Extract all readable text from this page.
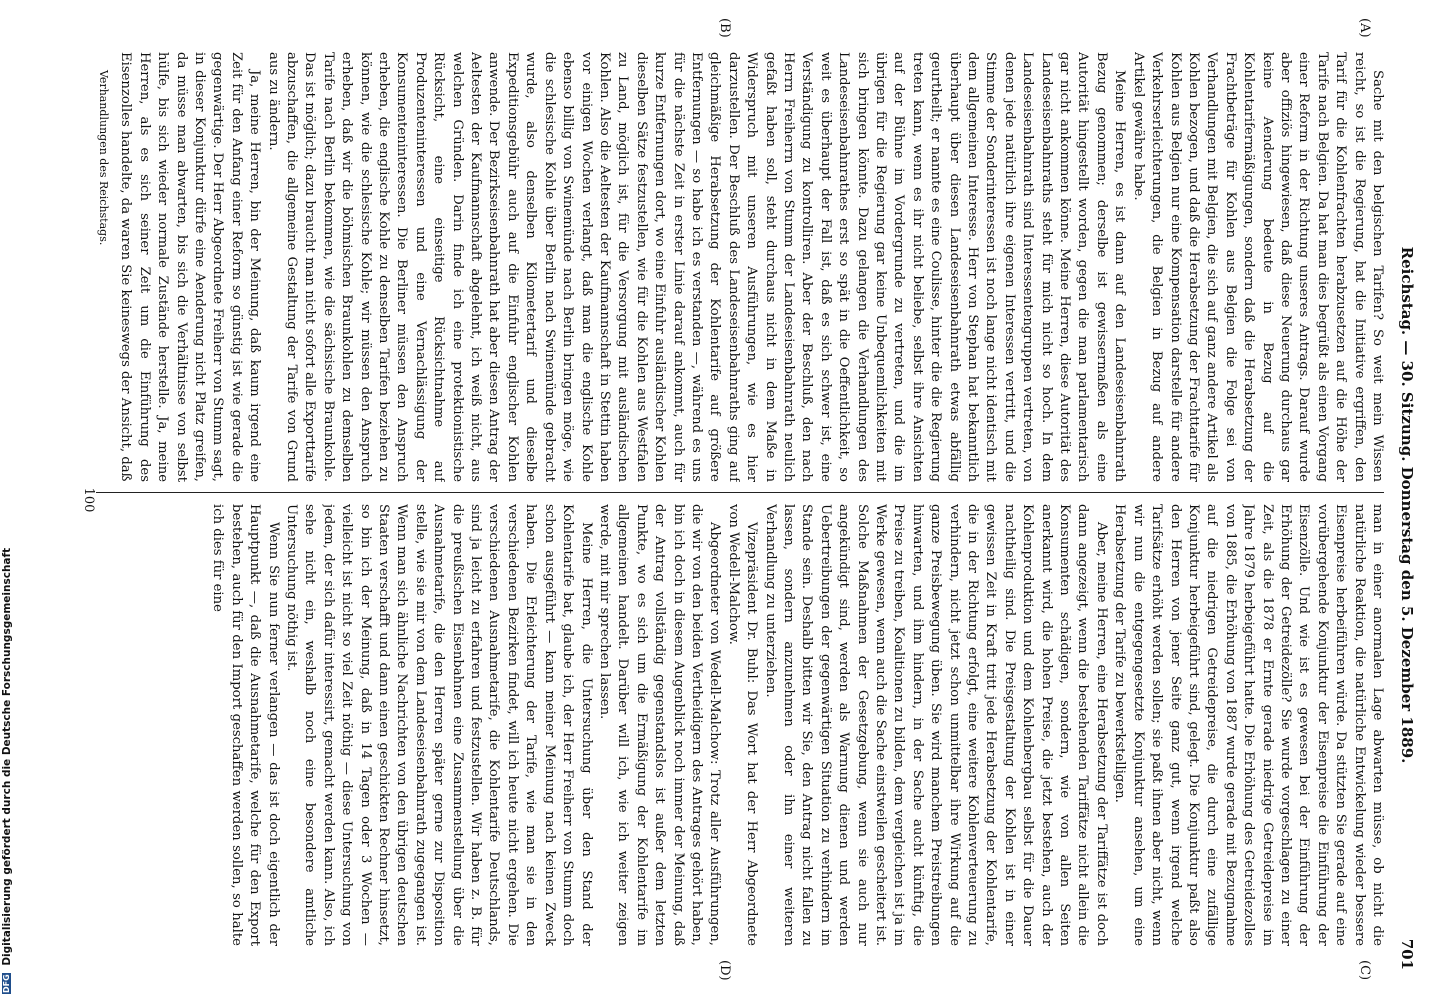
Reichstag. — 30. Sitzung. Donnerstag den 5. Dezember 1889.
701
(A)
(B)
(C)
(D)

Sache mit den belgischen Tarifen? So weit mein Wissen reicht, so ist die Regierung, hat die Initiative ergriffen, den Tarif für die Kohlenfrachten herabzusetzen auf die Höhe der Tarife nach Belgien. Da hat man dies begrüßt als einen Vorgang einer Reform in der Richtung unseres Antrags. Darauf wurde aber offiziös hingewiesen, daß diese Neuerung durchaus gar keine Aenderung bedeute in Bezug auf die Kohlentarifermäßigungen, sondern daß die Herabsetzung der Frachtbeträge für Kohlen aus Belgien die Folge sei von Verhandlungen mit Belgien, die sich auf ganz andere Artikel als Kohlen bezogen, und daß die Herabsetzung der Frachttarife für Kohlen aus Belgien nur eine Kompensation darstelle für andere Verkehrserleichterungen, die Belgien in Bezug auf andere Artikel gewähre habe.

Meine Herren, es ist dann auf den Landeseisenbahnrath Bezug genommen; derselbe ist gewissermaßen als eine Autorität hingestellt worden, gegen die man parlamentarisch gar nicht ankommen könne. Meine Herren, diese Autorität des Landeseisenbahnraths steht für mich nicht so hoch. In dem Landeseisenbahnrath sind Interessentengruppen vertreten, von denen jede natürlich ihre eigenen Interessen vertritt, und die Stimme der Sonderinteressen ist noch lange nicht identisch mit dem allgemeinen Interesse. Herr von Stephan hat bekanntlich überhaupt über diesen Landeseisenbahnrath etwas abfällig geurtheilt; er nannte es eine Coulisse, hinter die die Regierung treten kann, wenn es ihr nicht beliebe, selbst ihre Ansichten auf der Bühne im Vordergrunde zu vertreten, und die im übrigen für die Regierung gar keine Unbequemlichkeiten mit sich bringen könnte. Dazu gelangen die Verhandlungen des Landeseisenbahnrathes erst so spät in die Oeffentlichkeit, so weit es überhaupt der Fall ist, daß es sich schwer ist, eine Verständigung zu kontrolliren. Aber der Beschluß, den nach Herrn Freiherrn von Stumm der Landeseisenbahnrath neulich gefaßt haben soll, steht durchaus nicht in dem Maße in Widerspruch mit unseren Ausführungen, wie es hier darzustellen. Der Beschluß des Landeseisenbahnraths ging auf gleichmäßige Herabsetzung der Kohlentarife auf größere Entfernungen — so habe ich es verstanden —, während es uns für die nächste Zeit in erster Linie darauf ankommt, auch für kurze Entfernungen dort, wo eine Einfuhr ausländischer Kohlen dieselben Sätze festzustellen, wie für die Kohlen aus Westfalen zu Land, möglich ist, für die Versorgung mit ausländischen Kohlen. Also die Aeltesten der Kaufmannschaft in Stettin haben vor einigen Wochen verlangt, daß man die englische Kohle ebenso billig von Swinemünde nach Berlin bringen möge, wie die schlesische Kohle über Berlin nach Swinemünde gebracht wurde, also denselben Kilometertarif und dieselbe Expeditionsgebühr auch auf die Einfuhr englischer Kohlen anwende. Der Bezirkseisenbahnrath hat aber diesen Antrag der Aeltesten der Kaufmannschaft abgelehnt, ich weiß nicht, aus welchen Gründen. Darin finde ich eine protektionistische Rücksicht, eine einseitige Rücksichtnahme auf Produzenteninteressen und eine Vernachlässigung der Konsumenteninteressen. Die Berliner müssen den Anspruch erheben, die englische Kohle zu denselben Tarifen beziehen zu können, wie die schlesische Kohle; wir müssen den Anspruch erheben, daß wir die böhmischen Braunkohlen zu demselben Tarife nach Berlin bekommen, wie die sächsische Braunkohle. Das ist möglich; dazu braucht man nicht sofort alle Exporttarife abzuschaffen, die allgemeine Gestaltung der Tarife von Grund aus zu ändern.

Ja, meine Herren, bin der Meinung, daß kaum irgend eine Zeit für den Anfang einer Reform so günstig ist wie gerade die gegenwärtige. Der Herr Abgeordnete Freiherr von Stumm sagt, in dieser Konjunktur dürfe eine Aenderung nicht Platz greifen, da müsse man abwarten, bis sich die Verhältnisse von selbst hülfe, bis sich wieder normale Zustände herstelle. Ja, meine Herren, als es sich seiner Zeit um die Einführung des Eisenzolles handelte, da waren Sie keineswegs der Ansicht, daß

Verhandlungen des Reichstags.

man in einer anormalen Lage abwarten müsse, ob nicht die natürliche Reaktion, die natürliche Entwickelung wieder bessere Eisenpreise herbeiführen würde. Da stützten Sie gerade auf eine vorübergehende Konjunktur der Eisenpreise die Einführung der Eisenzölle. Und wie ist es gewesen bei der Einführung der Erhöhung der Getreidezölle? Sie wurde vorgeschlagen zu einer Zeit, als die 1878 er Ernte gerade niedrige Getreidepreise im Jahre 1879 herbeigeführt hatte. Die Erhöhung des Getreidezolles von 1885, die Erhöhung von 1887 wurde gerade mit Bezugnahme auf die niedrigen Getreidepreise, die durch eine zufällige Konjunktur herbeigeführt sind, gelegt. Die Konjunktur paßt also den Herren von jener Seite ganz gut, wenn irgend welche Tarifsätze erhöht werden sollen; sie paßt ihnen aber nicht, wenn wir nun die entgegengesetzte Konjunktur ansehen, um eine Herabsetzung der Tarife zu bewerkstelligen.

Aber, meine Herren, eine Herabsetzung der Tariffätze ist doch dann angezeigt, wenn die bestehenden Tariffätze nicht allein die Konsumenten schädigen, sondern, wie von allen Seiten anerkannt wird, die hohen Preise, die jetzt bestehen, auch der Kohlenproduktion und dem Kohlenbergbau selbst für die Dauer nachtheilig sind. Die Preisgestaltung der Kohlen ist in einer gewissen Zeit in Kraft tritt jede Herabsetzung der Kohlentarife, die in der Richtung erfolgt, eine weitere Kohlenverteuerung zu verhindern, nicht jetzt schon unmittelbar ihre Wirkung auf die ganze Preisbewegung üben. Sie wird manchem Preistreibungen hinwarten, und ihm hindern, in der Sache aucht künftig, die Preise zu treiben, Koalitionen zu bilden, dem vergleichen ist ja im Werke gewesen, wenn auch die Sache einstweilen gescheitert ist. Solche Maßnahmen der Gesetzgebung, wenn sie auch nur angekündigt sind, werden als Warnung dienen und werden Uebertreibungen der gegenwärtigen Situation zu verhindern im Stande sein. Deshalb bitten wir Sie, den Antrag nicht fallen zu lassen, sondern anzunehmen oder ihn einer weiteren Verhandlung zu unterziehen.

Vizepräsident Dr. Buhl: Das Wort hat der Herr Abgeordnete von Wedell-Malchow.

Abgeordneter von Wedell-Malchow: Trotz aller Ausführungen, die wir von den beiden Vertheidigern des Antrages gehört haben, bin ich doch in diesem Augenblick noch immer der Meinung, daß der Antrag vollständig gegenstandslos ist außer dem letzten Punkte, wo es sich um die Ermäßigung der Kohlentarife im allgemeinen handelt. Darüber will ich, wie ich weiter zeigen werde, mit mir sprechen lassen.

Meine Herren, die Untersuchung über den Stand der Kohlentarife bat, glaube ich, der Herr Freiherr von Stumm doch schon ausgeführt — kann meiner Meinung nach keinen Zweck haben. Die Erleichterung der Tarife, wie man sie in den verschiedenen Bezirken findet, will ich heute nicht ergehen. Die verschiedenen Ausnahmetarife, die Kohlentarife Deutschlands, sind ja leicht zu erfahren und festzustellen. Wir haben z. B. für die preußischen Eisenbahnen eine Zusammenstellung über die Ausnahmetarife, die den Herren später gerne zur Disposition stelle, wie sie mir von dem Landeseisenbahnrath zugegangen ist. Wenn man sich ähnliche Nachrichten von den übrigen deutschen Staaten verschafft und dann einen geschickten Rechner hinsetzt, so bin ich der Meinung, daß in 14 Tagen oder 3 Wochen — vielleicht ist nicht so viel Zeit nöthig — diese Untersuchung von jedem, der sich dafür interessirt, gemacht werden kann. Also, ich sehe nicht ein, weshalb noch eine besondere amtliche Untersuchung nöthig ist.

Wenn Sie nun ferner verlangen — das ist doch eigentlich der Hauptpunkt —, daß die Ausnahmetarife, welche für den Export bestehen, auch für den Import geschaffen werden sollen, so halte ich dies für eine

100
DFG Digitalisierung gefördert durch die Deutsche Forschungsgemeinschaft
